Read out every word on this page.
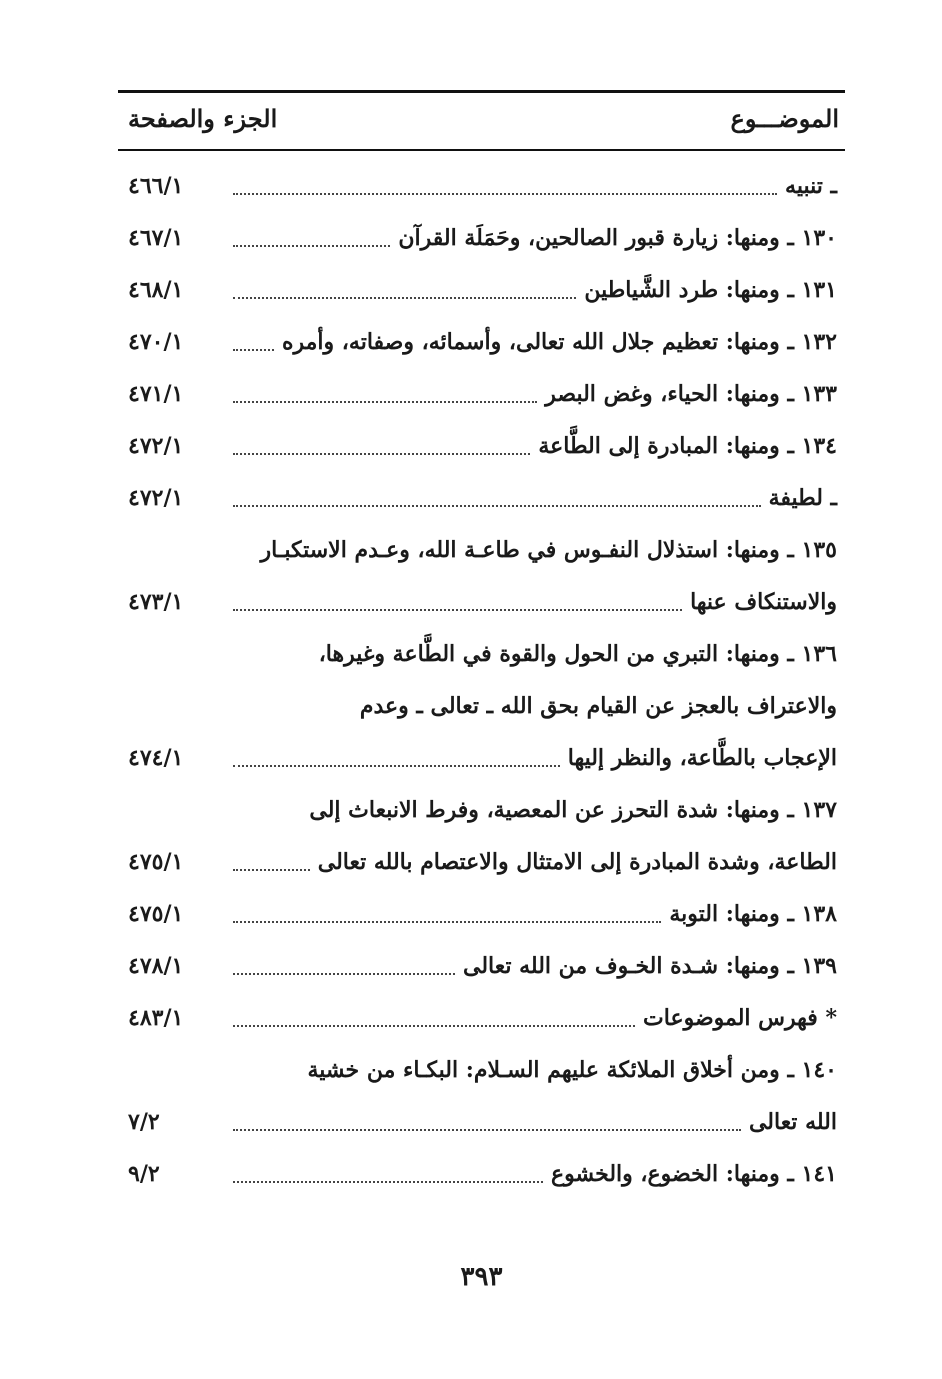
الموضـــوع
الجزء والصفحة
ـ تنبيه
٤٦٦/١
١٣٠ ـ ومنها: زيارة قبور الصالحين، وحَمَلَة القرآن
٤٦٧/١
١٣١ ـ ومنها: طرد الشَّياطين
٤٦٨/١
١٣٢ ـ ومنها: تعظيم جلال الله تعالى، وأسمائه، وصفاته، وأمره
٤٧٠/١
١٣٣ ـ ومنها: الحياء، وغض البصر
٤٧١/١
١٣٤ ـ ومنها: المبادرة إلى الطَّاعة
٤٧٢/١
ـ لطيفة
٤٧٢/١
١٣٥ ـ ومنها: استذلال النفـوس في طاعـة الله، وعـدم الاستكبـار
والاستنكاف عنها
٤٧٣/١
١٣٦ ـ ومنها: التبري من الحول والقوة في الطَّاعة وغيرها،
والاعتراف بالعجز عن القيام بحق الله ـ تعالى ـ وعدم
الإعجاب بالطَّاعة، والنظر إليها
٤٧٤/١
١٣٧ ـ ومنها: شدة التحرز عن المعصية، وفرط الانبعاث إلى
الطاعة، وشدة المبادرة إلى الامتثال والاعتصام بالله تعالى
٤٧٥/١
١٣٨ ـ ومنها: التوبة
٤٧٥/١
١٣٩ ـ ومنها: شـدة الخـوف من الله تعالى
٤٧٨/١
* فهرس الموضوعات
٤٨٣/١
١٤٠ ـ ومن أخلاق الملائكة عليهم السـلام: البكـاء من خشية
الله تعالى
٧/٢
١٤١ ـ ومنها: الخضوع، والخشوع
٩/٢
٣٩٣
